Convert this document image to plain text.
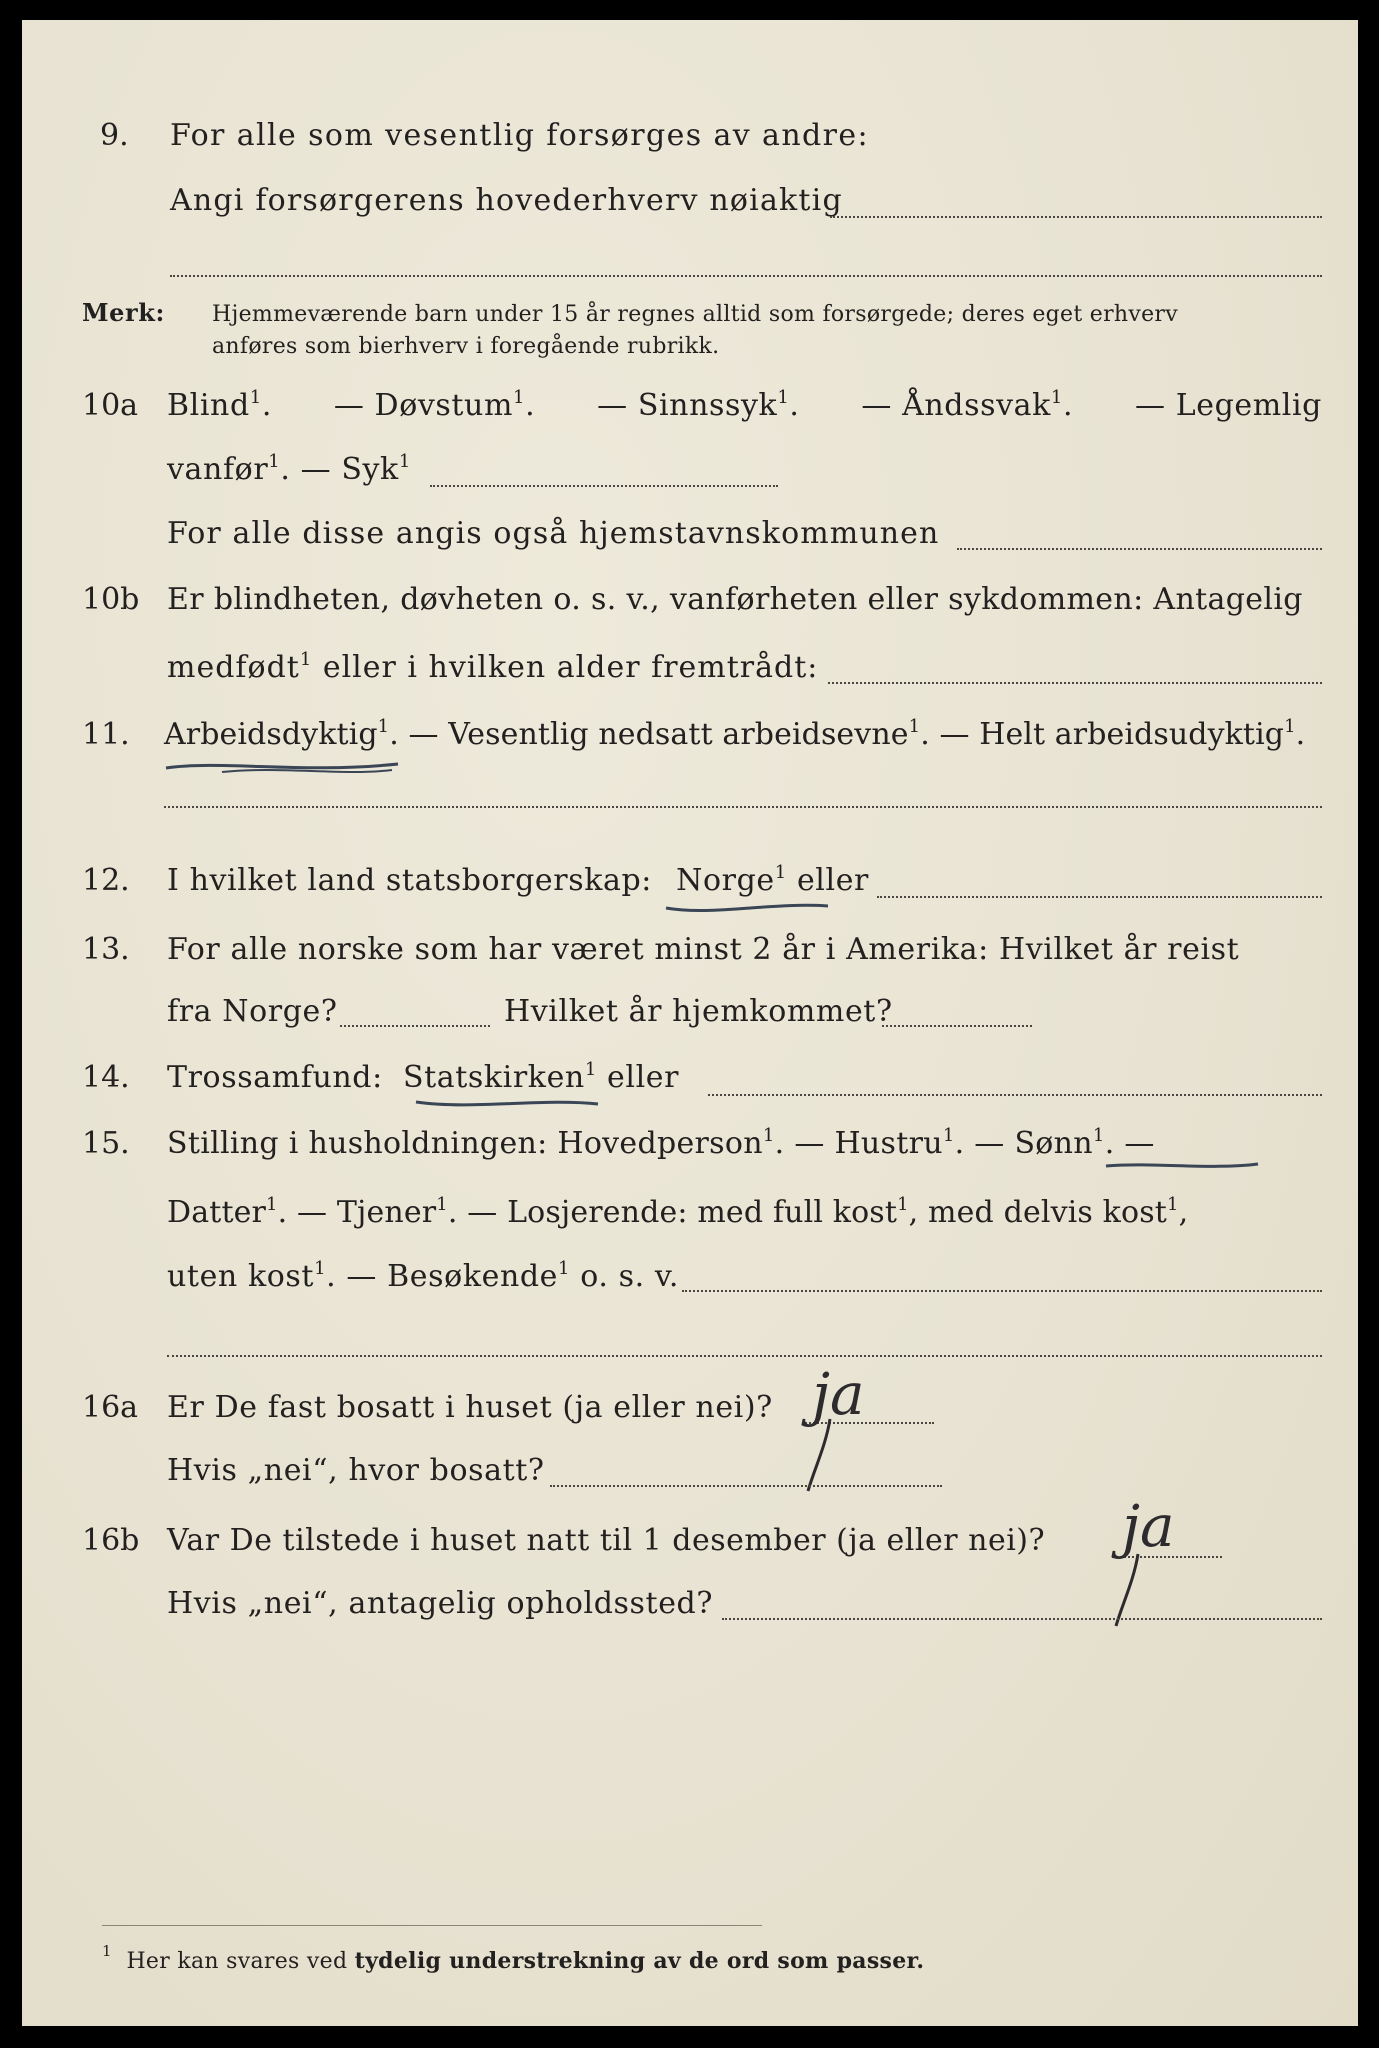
9. For alle som vesentlig forsørges av andre:
Angi forsørgerens hovederhverv nøiaktig
Merk: Hjemmeværende barn under 15 år regnes alltid som forsørgede; deres eget erhverv
anføres som bierhverv i foregående rubrikk.
10a Blind$^1$. — Døvstum$^1$. — Sinnssyk$^1$. — Åndssvak$^1$. — Legemlig
vanfør$^1$. — Syk$^1$
For alle disse angis også hjemstavnskommunen
10b Er blindheten, døvheten o. s. v., vanførheten eller sykdommen: Antagelig
medfødt$^1$ eller i hvilken alder fremtrådt:
11. Arbeidsdyktig$^1$. — Vesentlig nedsatt arbeidsevne$^1$. — Helt arbeidsudyktig$^1$.
12. I hvilket land statsborgerskap: Norge$^1$ eller
13. For alle norske som har været minst 2 år i Amerika: Hvilket år reist
fra Norge?	Hvilket år hjemkommet?
14. Trossamfund: Statskirken$^1$ eller
15. Stilling i husholdningen: Hovedperson$^1$. — Hustru$^1$. — Sønn$^1$. —
Datter$^1$. — Tjener$^1$. — Losjerende: med full kost$^1$, med delvis kost$^1$,
uten kost$^1$. — Besøkende$^1$ o. s. v.
16a Er De fast bosatt i huset (ja eller nei)? ja
Hvis „nei“, hvor bosatt?
16b Var De tilstede i huset natt til 1 desember (ja eller nei)? ja
Hvis „nei“, antagelig opholdssted?
$^1$ Her kan svares ved tydelig understrekning av de ord som passer.
